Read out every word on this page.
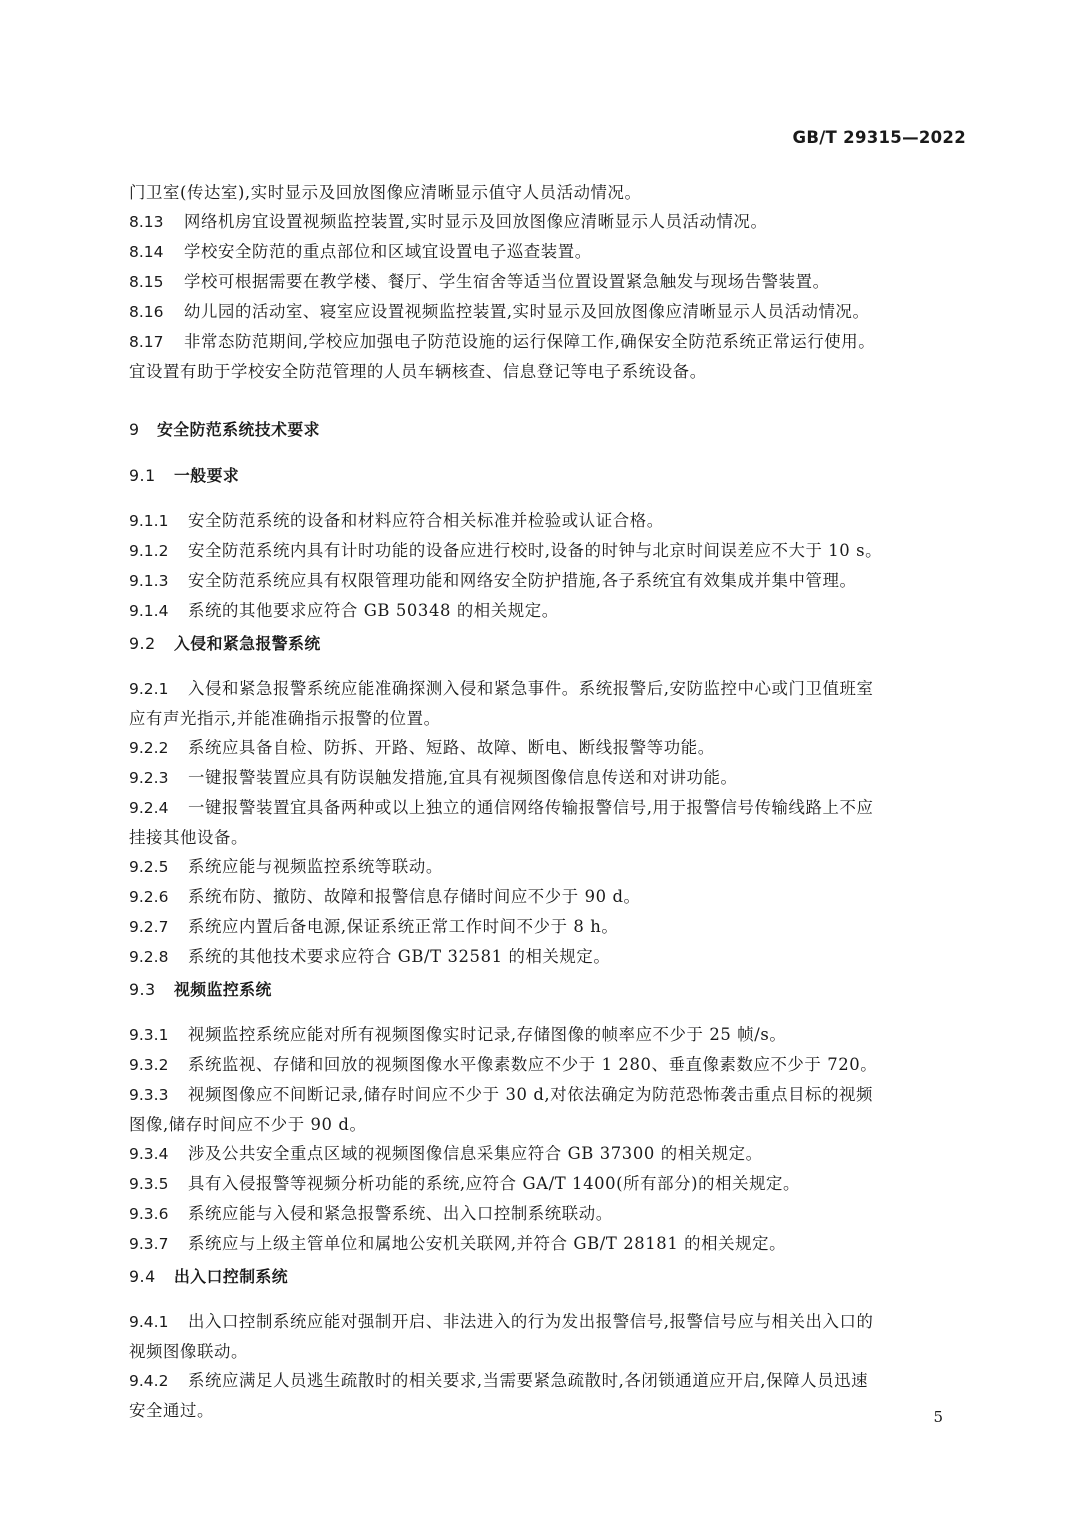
GB/T 29315—2022
门卫室(传达室),实时显示及回放图像应清晰显示值守人员活动情况。
8.13 网络机房宜设置视频监控装置,实时显示及回放图像应清晰显示人员活动情况。
8.14 学校安全防范的重点部位和区域宜设置电子巡查装置。
8.15 学校可根据需要在教学楼、餐厅、学生宿舍等适当位置设置紧急触发与现场告警装置。
8.16 幼儿园的活动室、寝室应设置视频监控装置,实时显示及回放图像应清晰显示人员活动情况。
8.17 非常态防范期间,学校应加强电子防范设施的运行保障工作,确保安全防范系统正常运行使用。
宜设置有助于学校安全防范管理的人员车辆核查、信息登记等电子系统设备。
9 安全防范系统技术要求
9.1 一般要求
9.1.1 安全防范系统的设备和材料应符合相关标准并检验或认证合格。
9.1.2 安全防范系统内具有计时功能的设备应进行校时,设备的时钟与北京时间误差应不大于 10 s。
9.1.3 安全防范系统应具有权限管理功能和网络安全防护措施,各子系统宜有效集成并集中管理。
9.1.4 系统的其他要求应符合 GB 50348 的相关规定。
9.2 入侵和紧急报警系统
9.2.1 入侵和紧急报警系统应能准确探测入侵和紧急事件。系统报警后,安防监控中心或门卫值班室
应有声光指示,并能准确指示报警的位置。
9.2.2 系统应具备自检、防拆、开路、短路、故障、断电、断线报警等功能。
9.2.3 一键报警装置应具有防误触发措施,宜具有视频图像信息传送和对讲功能。
9.2.4 一键报警装置宜具备两种或以上独立的通信网络传输报警信号,用于报警信号传输线路上不应
挂接其他设备。
9.2.5 系统应能与视频监控系统等联动。
9.2.6 系统布防、撤防、故障和报警信息存储时间应不少于 90 d。
9.2.7 系统应内置后备电源,保证系统正常工作时间不少于 8 h。
9.2.8 系统的其他技术要求应符合 GB/T 32581 的相关规定。
9.3 视频监控系统
9.3.1 视频监控系统应能对所有视频图像实时记录,存储图像的帧率应不少于 25 帧/s。
9.3.2 系统监视、存储和回放的视频图像水平像素数应不少于 1 280、垂直像素数应不少于 720。
9.3.3 视频图像应不间断记录,储存时间应不少于 30 d,对依法确定为防范恐怖袭击重点目标的视频
图像,储存时间应不少于 90 d。
9.3.4 涉及公共安全重点区域的视频图像信息采集应符合 GB 37300 的相关规定。
9.3.5 具有入侵报警等视频分析功能的系统,应符合 GA/T 1400(所有部分)的相关规定。
9.3.6 系统应能与入侵和紧急报警系统、出入口控制系统联动。
9.3.7 系统应与上级主管单位和属地公安机关联网,并符合 GB/T 28181 的相关规定。
9.4 出入口控制系统
9.4.1 出入口控制系统应能对强制开启、非法进入的行为发出报警信号,报警信号应与相关出入口的
视频图像联动。
9.4.2 系统应满足人员逃生疏散时的相关要求,当需要紧急疏散时,各闭锁通道应开启,保障人员迅速
安全通过。	5
